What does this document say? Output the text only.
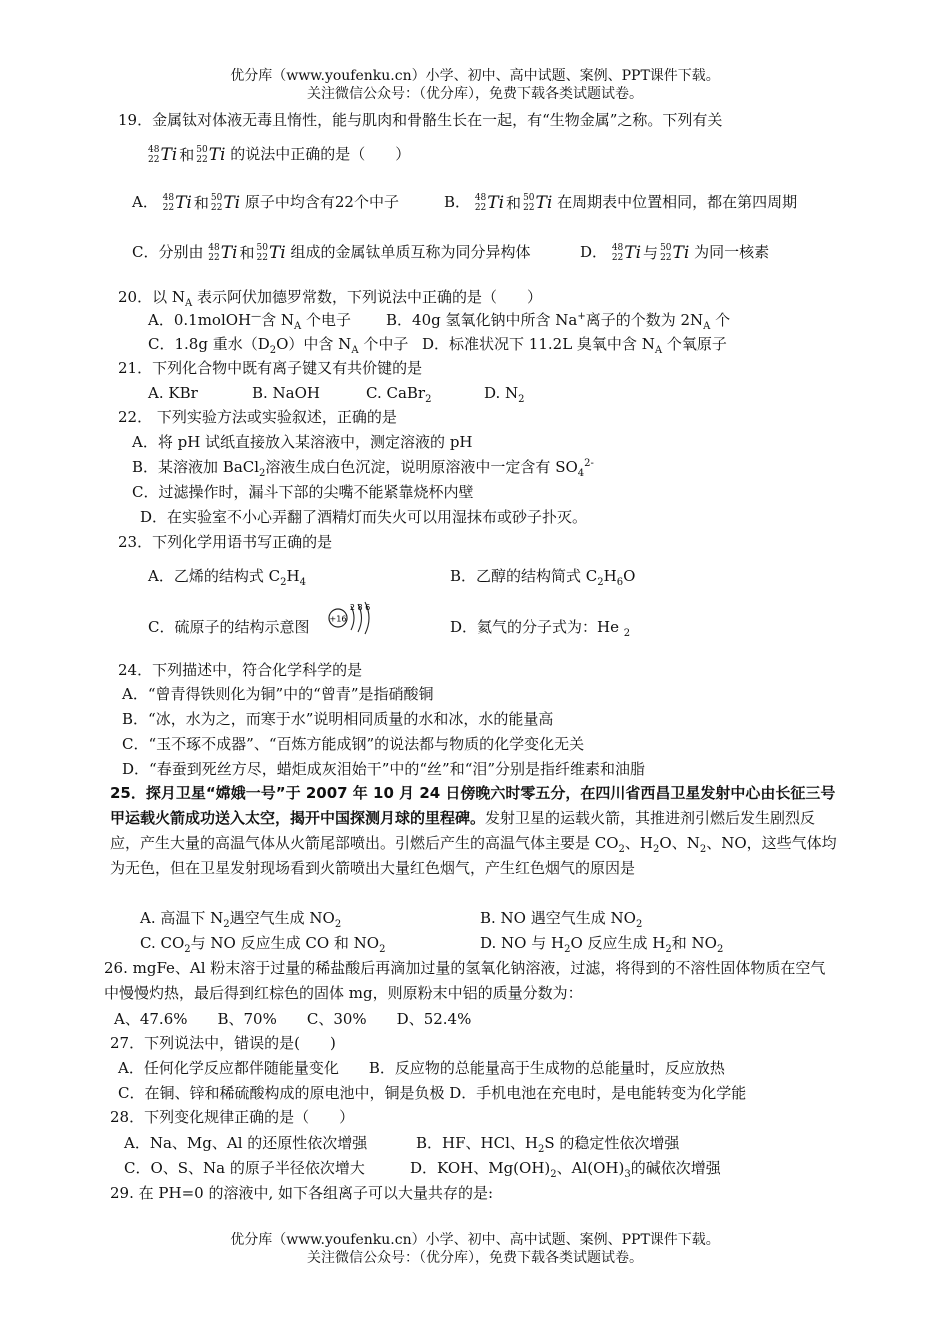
优分库（www.youfenku.cn）小学、初中、高中试题、案例、PPT课件下载。
关注微信公众号：（优分库），免费下载各类试题试卷。
19．金属钛对体液无毒且惰性，能与肌肉和骨骼生长在一起，有“生物金属”之称。下列有关
48
22 Ti 和 50
22 Ti 的说法中正确的是（　　）
A． 48
22 Ti 和 50
22 Ti 原子中均含有22个中子	B． 48
22 Ti 和 50
22 Ti 在周期表中位置相同，都在第四周期
C．分别由 48
22 Ti 和 50
22 Ti 组成的金属钛单质互称为同分异构体	D． 48
22 Ti 与 50
22 Ti 为同一核素
20．以 $N_A$ 表示阿伏加德罗常数，下列说法中正确的是（　　）
A．0.1molOH—含 $N_A$ 个电子 B．40g 氢氧化钠中所含 Na+离子的个数为 $2N_A$ 个
C．1.8g 重水$(D_2O)$中含 $N_A$ 个中子 D．标准状况下 11.2L 臭氧中含 $N_A$ 个氧原子
21．下列化合物中既有离子键又有共价键的是
A. KBr	B. NaOH	C. CaBr$_2$	D. $N_2$
22． 下列实验方法或实验叙述，正确的是
A．将 pH 试纸直接放入某溶液中，测定溶液的 pH
B．某溶液加 BaCl$_2$溶液生成白色沉淀，说明原溶液中一定含有 $SO_4^{2-}$
C．过滤操作时，漏斗下部的尖嘴不能紧靠烧杯内壁
D．在实验室不小心弄翻了酒精灯而失火可以用湿抹布或砂子扑灭。
23．下列化学用语书写正确的是
A．乙烯的结构式 $C_2H_4$	B．乙醇的结构简式 $C_2H_6O$
C．硫原子的结构示意图	+16
2 8 6
D．氦气的分子式为：He $_2$
24．下列描述中，符合化学科学的是
A．“曾青得铁则化为铜”中的“曾青”是指硝酸铜
B．“冰，水为之，而寒于水”说明相同质量的水和冰，水的能量高
C．“玉不琢不成器”、“百炼方能成钢”的说法都与物质的化学变化无关
D．“春蚕到死丝方尽，蜡炬成灰泪始干”中的“丝”和“泪”分别是指纤维素和油脂
25．探月卫星“嫦娥一号”于 2007 年 10 月 24 日傍晚六时零五分，在四川省西昌卫星发射中心由长征三号甲运载火箭成功送入太空，揭开中国探测月球的里程碑。发射卫星的运载火箭，其推进剂引燃后发生剧烈反应，产生大量的高温气体从火箭尾部喷出。引燃后产生的高温气体主要是 $CO_2$、$H_2O$、$N_2$、NO，这些气体均为无色，但在卫星发射现场看到火箭喷出大量红色烟气，产生红色烟气的原因是
A. 高温下 $N_2$遇空气生成 $NO_2$	B. NO 遇空气生成 $NO_2$
C. $CO_2$与 NO 反应生成 CO 和 $NO_2$	D. NO 与 $H_2O$ 反应生成 $H_2$和 $NO_2$
26. mgFe、Al 粉末溶于过量的稀盐酸后再滴加过量的氢氧化钠溶液，过滤，将得到的不溶性固体物质在空气中慢慢灼热，最后得到红棕色的固体 mg，则原粉末中铝的质量分数为：
A、47.6%　　B、70%　　C、30%　　D、52.4%
27．下列说法中，错误的是(　　)
A．任何化学反应都伴随能量变化　　B．反应物的总能量高于生成物的总能量时，反应放热
C．在铜、锌和稀硫酸构成的原电池中，铜是负极 D．手机电池在充电时，是电能转变为化学能
28．下列变化规律正确的是（　　）
A．Na、Mg、Al 的还原性依次增强	B．HF、HCl、$H_2S$ 的稳定性依次增强
C．O、S、Na 的原子半径依次增大	D．KOH、$Mg(OH)_2$、$Al(OH)_3$的碱依次增强
29. 在 PH=0 的溶液中, 如下各组离子可以大量共存的是:
优分库（www.youfenku.cn）小学、初中、高中试题、案例、PPT课件下载。
关注微信公众号：（优分库），免费下载各类试题试卷。
